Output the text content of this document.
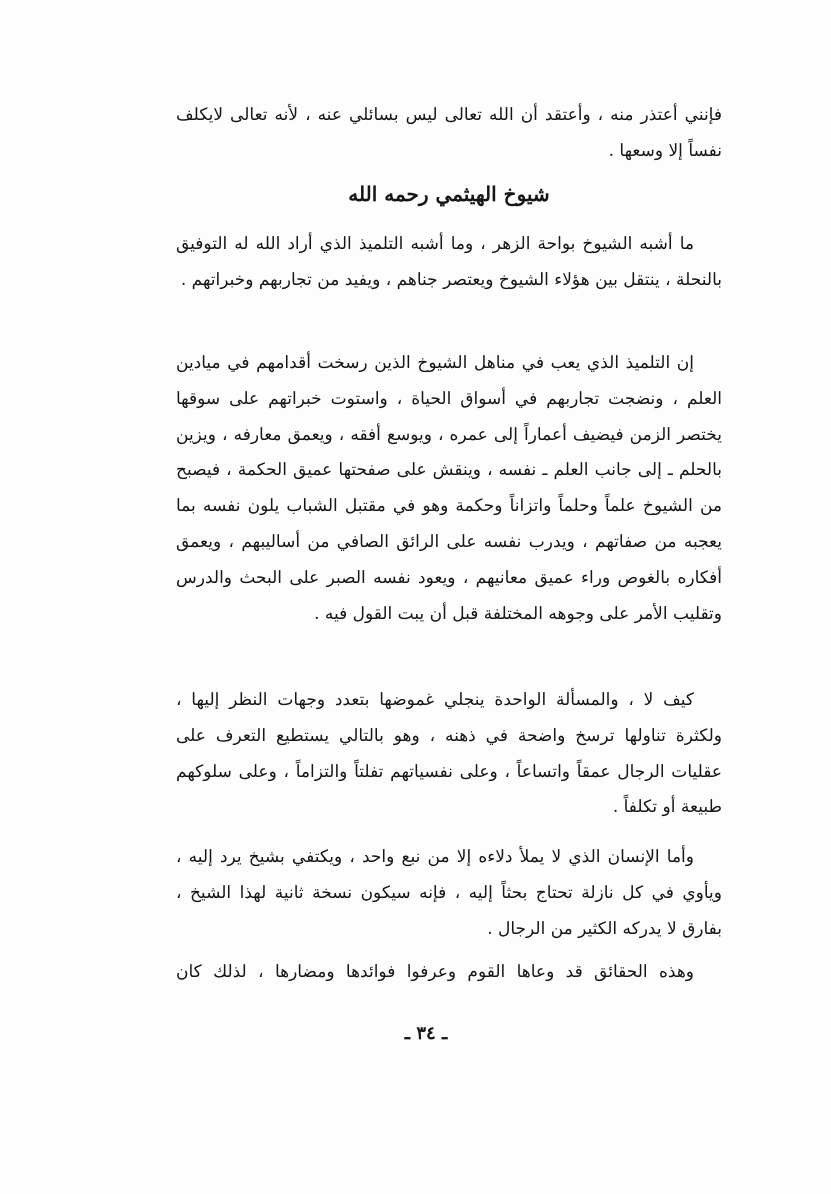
فإنني أعتذر منه ، وأعتقد أن الله تعالى ليس بسائلي عنه ، لأنه تعالى لايكلف نفساً إلا وسعها .

شيوخ الهيثمي رحمه الله

ما أشبه الشيوخ بواحة الزهر ، وما أشبه التلميذ الذي أراد الله له التوفيق بالنحلة ، ينتقل بين هؤلاء الشيوخ ويعتصر جناهم ، ويفيد من تجاربهم وخبراتهم .

إن التلميذ الذي يعب في مناهل الشيوخ الذين رسخت أقدامهم في ميادين العلم ، ونضجت تجاربهم في أسواق الحياة ، واستوت خبراتهم على سوقها يختصر الزمن فيضيف أعماراً إلى عمره ، ويوسع أفقه ، ويعمق معارفه ، ويزين بالحلم ـ إلى جانب العلم ـ نفسه ، وينقش على صفحتها عميق الحكمة ، فيصبح من الشيوخ علماً وحلماً واتزاناً وحكمة وهو في مقتبل الشباب يلون نفسه بما يعجبه من صفاتهم ، ويدرب نفسه على الرائق الصافي من أساليبهم ، ويعمق أفكاره بالغوص وراء عميق معانيهم ، ويعود نفسه الصبر على البحث والدرس وتقليب الأمر على وجوهه المختلفة قبل أن يبت القول فيه .

كيف لا ، والمسألة الواحدة ينجلي غموضها بتعدد وجهات النظر إليها ، ولكثرة تناولها ترسخ واضحة في ذهنه ، وهو بالتالي يستطيع التعرف على عقليات الرجال عمقاً واتساعاً ، وعلى نفسياتهم تفلتاً والتزاماً ، وعلى سلوكهم طبيعة أو تكلفاً .

وأما الإنسان الذي لا يملأ دلاءه إلا من نبع واحد ، ويكتفي بشيخ يرد إليه ، ويأوي في كل نازلة تحتاج بحثاً إليه ، فإنه سيكون نسخة ثانية لهذا الشيخ ، بفارق لا يدركه الكثير من الرجال .

وهذه الحقائق قد وعاها القوم وعرفوا فوائدها ومضارها ، لذلك كان

ـ ٣٤ ـ
